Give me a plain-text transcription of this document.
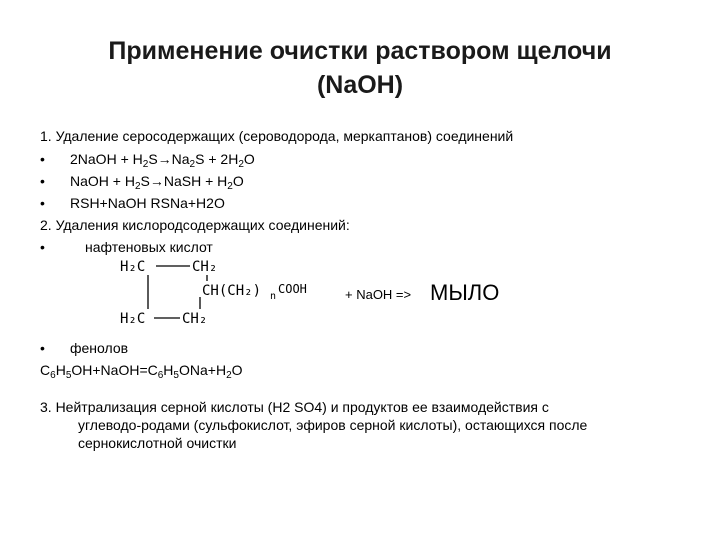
Применение очистки раствором щелочи
(NaOH)
1. Удаление серосодержащих (сероводорода, меркаптанов) соединений
• 2NaOH + $H_2S\to Na_2S + 2H_2O$
• NaOH + $H_2S\to NaSH + H_2O$
• RSH+NaOH RSNa+H2O
2. Удаления кислородсодержащих соединений:
•	нафтеновых кислот
H₂C	CH₂
CH(CH₂) n
COOH
H₂C	CH₂
+ NaOH => МЫЛО
• фенолов
$C_6H_5OH+NaOH=C_6H_5ONa+H_2O$
3. Нейтрализация серной кислоты (H2 SO4) и продуктов ее взаимодействия с
углеводо-родами (сульфокислот, эфиров серной кислоты), остающихся после
сернокислотной очистки
